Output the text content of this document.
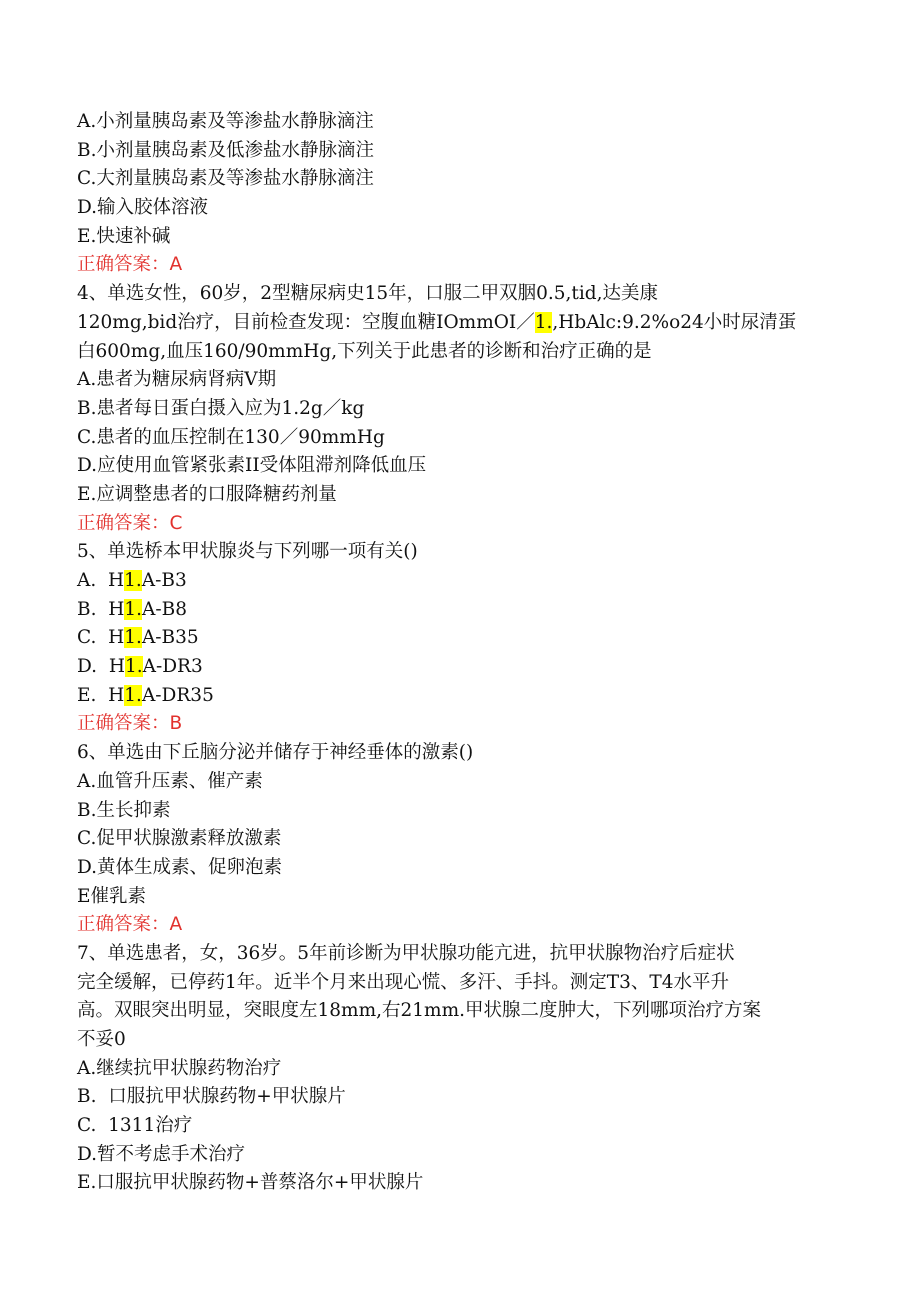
A.小剂量胰岛素及等渗盐水静脉滴注
B.小剂量胰岛素及低渗盐水静脉滴注
C.大剂量胰岛素及等渗盐水静脉滴注
D.输入胶体溶液
E.快速补碱
正确答案：A
4、单选女性，60岁，2型糖尿病史15年，口服二甲双胭0.5,tid,达美康
120mg,bid治疗，目前检查发现：空腹血糖IOmmOI／1.,HbAlc:9.2%o24小时尿清蛋
白600mg,血压160/90mmHg,下列关于此患者的诊断和治疗正确的是
A.患者为糖尿病肾病V期
B.患者每日蛋白摄入应为1.2g／kg
C.患者的血压控制在130／90mmHg
D.应使用血管紧张素II受体阻滞剂降低血压
E.应调整患者的口服降糖药剂量
正确答案：C
5、单选桥本甲状腺炎与下列哪一项有关()
A.  H1.A-B3
B.  H1.A-B8
C.  H1.A-B35
D.  H1.A-DR3
E.  H1.A-DR35
正确答案：B
6、单选由下丘脑分泌并储存于神经垂体的激素()
A.血管升压素、催产素
B.生长抑素
C.促甲状腺激素释放激素
D.黄体生成素、促卵泡素
E催乳素
正确答案：A
7、单选患者，女，36岁。5年前诊断为甲状腺功能亢进，抗甲状腺物治疗后症状
完全缓解，已停药1年。近半个月来出现心慌、多汗、手抖。测定T3、T4水平升
高。双眼突出明显，突眼度左18mm,右21mm.甲状腺二度肿大，下列哪项治疗方案
不妥0
A.继续抗甲状腺药物治疗
B.  口服抗甲状腺药物+甲状腺片
C.  1311治疗
D.暂不考虑手术治疗
E.口服抗甲状腺药物+普蔡洛尔+甲状腺片
